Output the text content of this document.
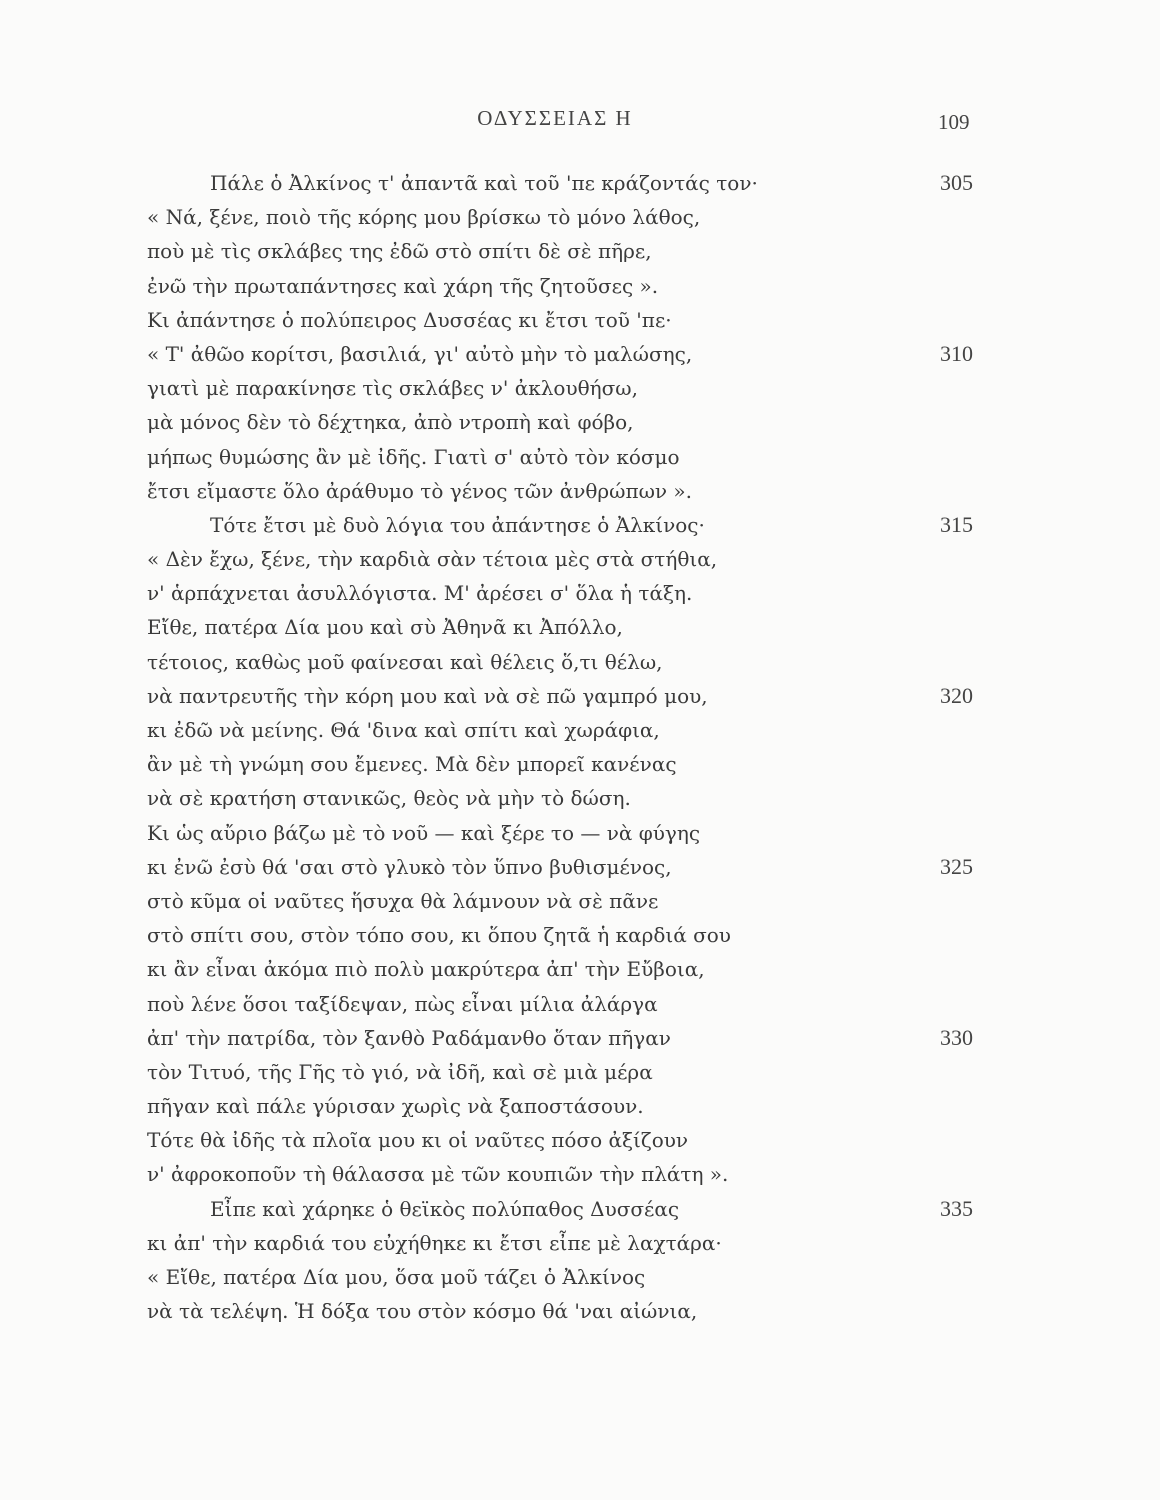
ΟΔΥΣΣΕΙΑΣ Η	109
Πάλε ὁ Ἀλκίνος τ' ἀπαντᾶ καὶ τοῦ 'πε κράζοντάς τον·	305
« Νά, ξένε, ποιὸ τῆς κόρης μου βρίσκω τὸ μόνο λάθος,
ποὺ μὲ τὶς σκλάβες της ἐδῶ στὸ σπίτι δὲ σὲ πῆρε,
ἐνῶ τὴν πρωταπάντησες καὶ χάρη τῆς ζητοῦσες ».
Κι ἀπάντησε ὁ πολύπειρος Δυσσέας κι ἔτσι τοῦ 'πε·
« Τ' ἀθῶο κορίτσι, βασιλιά, γι' αὐτὸ μὴν τὸ μαλώσης,	310
γιατὶ μὲ παρακίνησε τὶς σκλάβες ν' ἀκλουθήσω,
μὰ μόνος δὲν τὸ δέχτηκα, ἀπὸ ντροπὴ καὶ φόβο,
μήπως θυμώσης ἂν μὲ ἰδῆς. Γιατὶ σ' αὐτὸ τὸν κόσμο
ἔτσι εἴμαστε ὅλο ἀράθυμο τὸ γένος τῶν ἀνθρώπων ».
Τότε ἔτσι μὲ δυὸ λόγια του ἀπάντησε ὁ Ἀλκίνος·	315
« Δὲν ἔχω, ξένε, τὴν καρδιὰ σὰν τέτοια μὲς στὰ στήθια,
ν' ἁρπάχνεται ἀσυλλόγιστα. Μ' ἀρέσει σ' ὅλα ἡ τάξη.
Εἴθε, πατέρα Δία μου καὶ σὺ Ἀθηνᾶ κι Ἀπόλλο,
τέτοιος, καθὼς μοῦ φαίνεσαι καὶ θέλεις ὅ,τι θέλω,
νὰ παντρευτῆς τὴν κόρη μου καὶ νὰ σὲ πῶ γαμπρό μου,	320
κι ἐδῶ νὰ μείνης. Θά 'δινα καὶ σπίτι καὶ χωράφια,
ἂν μὲ τὴ γνώμη σου ἔμενες. Μὰ δὲν μπορεῖ κανένας
νὰ σὲ κρατήση στανικῶς, θεὸς νὰ μὴν τὸ δώση.
Κι ὡς αὔριο βάζω μὲ τὸ νοῦ — καὶ ξέρε το — νὰ φύγης
κι ἐνῶ ἐσὺ θά 'σαι στὸ γλυκὸ τὸν ὕπνο βυθισμένος,	325
στὸ κῦμα οἱ ναῦτες ἥσυχα θὰ λάμνουν νὰ σὲ πᾶνε
στὸ σπίτι σου, στὸν τόπο σου, κι ὅπου ζητᾶ ἡ καρδιά σου
κι ἂν εἶναι ἀκόμα πιὸ πολὺ μακρύτερα ἀπ' τὴν Εὔβοια,
ποὺ λένε ὅσοι ταξίδεψαν, πὼς εἶναι μίλια ἀλάργα
ἀπ' τὴν πατρίδα, τὸν ξανθὸ Ραδάμανθο ὅταν πῆγαν	330
τὸν Τιτυό, τῆς Γῆς τὸ γιό, νὰ ἰδῆ, καὶ σὲ μιὰ μέρα
πῆγαν καὶ πάλε γύρισαν χωρὶς νὰ ξαποστάσουν.
Τότε θὰ ἰδῆς τὰ πλοῖα μου κι οἱ ναῦτες πόσο ἀξίζουν
ν' ἀφροκοποῦν τὴ θάλασσα μὲ τῶν κουπιῶν τὴν πλάτη ».
Εἶπε καὶ χάρηκε ὁ θεϊκὸς πολύπαθος Δυσσέας	335
κι ἀπ' τὴν καρδιά του εὐχήθηκε κι ἔτσι εἶπε μὲ λαχτάρα·
« Εἴθε, πατέρα Δία μου, ὅσα μοῦ τάζει ὁ Ἀλκίνος
νὰ τὰ τελέψη. Ἡ δόξα του στὸν κόσμο θά 'ναι αἰώνια,
